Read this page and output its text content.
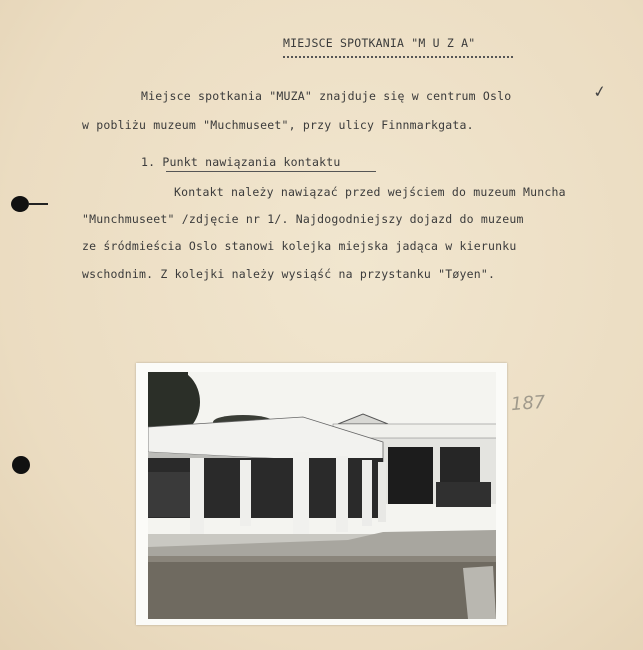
MIEJSCE SPOTKANIA "M U Z A"
Miejsce spotkania "MUZA" znajduje się w centrum Oslo	✓
w pobliżu muzeum "Muchmuseet", przy ulicy Finnmarkgata.
1. Punkt nawiązania kontaktu
Kontakt należy nawiązać przed wejściem do muzeum Muncha
"Munchmuseet" /zdjęcie nr 1/. Najdogodniejszy dojazd do muzeum
ze śródmieścia Oslo stanowi kolejka miejska jadąca w kierunku
wschodnim. Z kolejki należy wysiąść na przystanku "Tøyen".
187
